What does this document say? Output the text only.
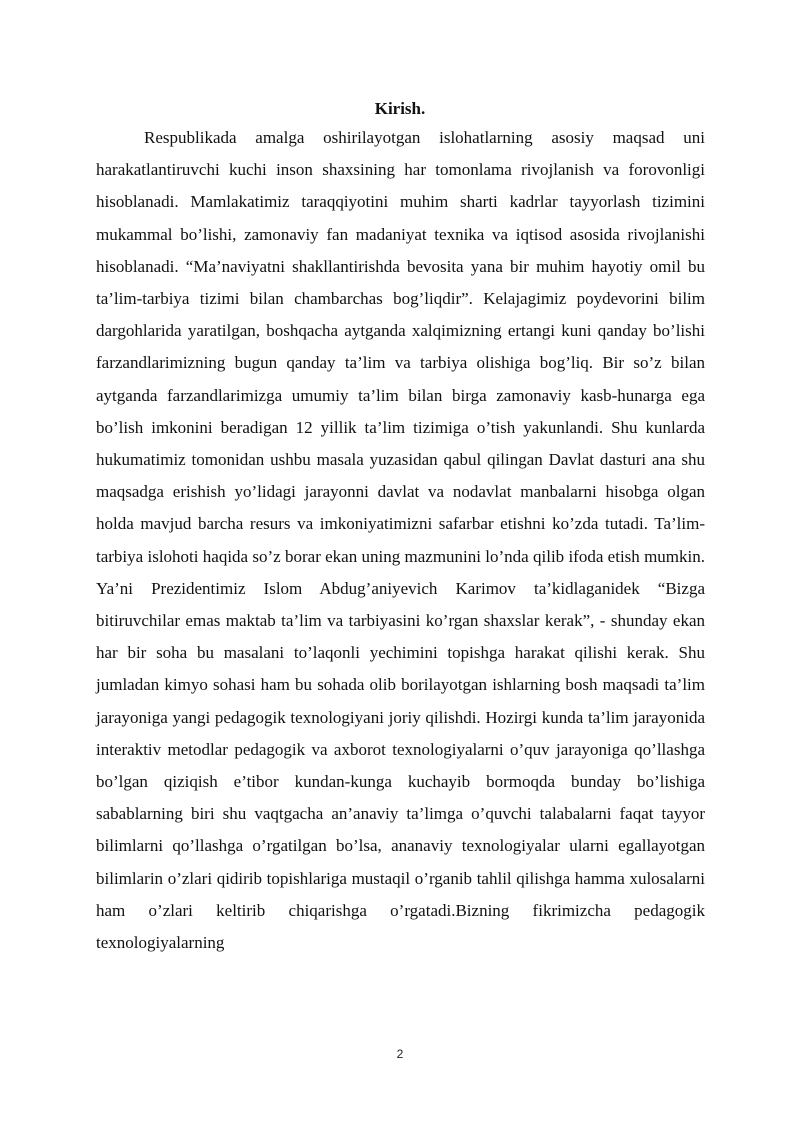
Kirish.

Respublikada amalga oshirilayotgan islohatlarning asosiy maqsad uni harakatlantiruvchi kuchi inson shaxsining har tomonlama rivojlanish va forovonligi hisoblanadi. Mamlakatimiz taraqqiyotini muhim sharti kadrlar tayyorlash tizimini mukammal bo’lishi, zamonaviy fan madaniyat texnika va iqtisod asosida rivojlanishi hisoblanadi. “Ma’naviyatni shakllantirishda bevosita yana bir muhim hayotiy omil bu ta’lim-tarbiya tizimi bilan chambarchas bog’liqdir”. Kelajagimiz poydevorini bilim dargohlarida yaratilgan, boshqacha aytganda xalqimizning ertangi kuni qanday bo’lishi farzandlarimizning bugun qanday ta’lim va tarbiya olishiga bog’liq. Bir so’z bilan aytganda farzandlarimizga umumiy ta’lim bilan birga zamonaviy kasb-hunarga ega bo’lish imkonini beradigan 12 yillik ta’lim tizimiga o’tish yakunlandi. Shu kunlarda hukumatimiz tomonidan ushbu masala yuzasidan qabul qilingan Davlat dasturi ana shu maqsadga erishish yo’lidagi jarayonni davlat va nodavlat manbalarni hisobga olgan holda mavjud barcha resurs va imkoniyatimizni safarbar etishni ko’zda tutadi. Ta’lim-tarbiya islohoti haqida so’z borar ekan uning mazmunini lo’nda qilib ifoda etish mumkin. Ya’ni Prezidentimiz Islom Abdug’aniyevich Karimov ta’kidlaganidek “Bizga bitiruvchilar emas maktab ta’lim va tarbiyasini ko’rgan shaxslar kerak”, - shunday ekan har bir soha bu masalani to’laqonli yechimini topishga harakat qilishi kerak. Shu jumladan kimyo sohasi ham bu sohada olib borilayotgan ishlarning bosh maqsadi ta’lim jarayoniga yangi pedagogik texnologiyani joriy qilishdi. Hozirgi kunda ta’lim jarayonida interaktiv metodlar pedagogik va axborot texnologiyalarni o’quv jarayoniga qo’llashga bo’lgan qiziqish e’tibor kundan-kunga kuchayib bormoqda bunday bo’lishiga sabablarning biri shu vaqtgacha an’anaviy ta’limga o’quvchi talabalarni faqat tayyor bilimlarni qo’llashga o’rgatilgan bo’lsa, ananaviy texnologiyalar ularni egallayotgan bilimlarin o’zlari qidirib topishlariga mustaqil o’rganib tahlil qilishga hamma xulosalarni ham o’zlari keltirib chiqarishga o’rgatadi.Bizning fikrimizcha pedagogik texnologiyalarning

2
